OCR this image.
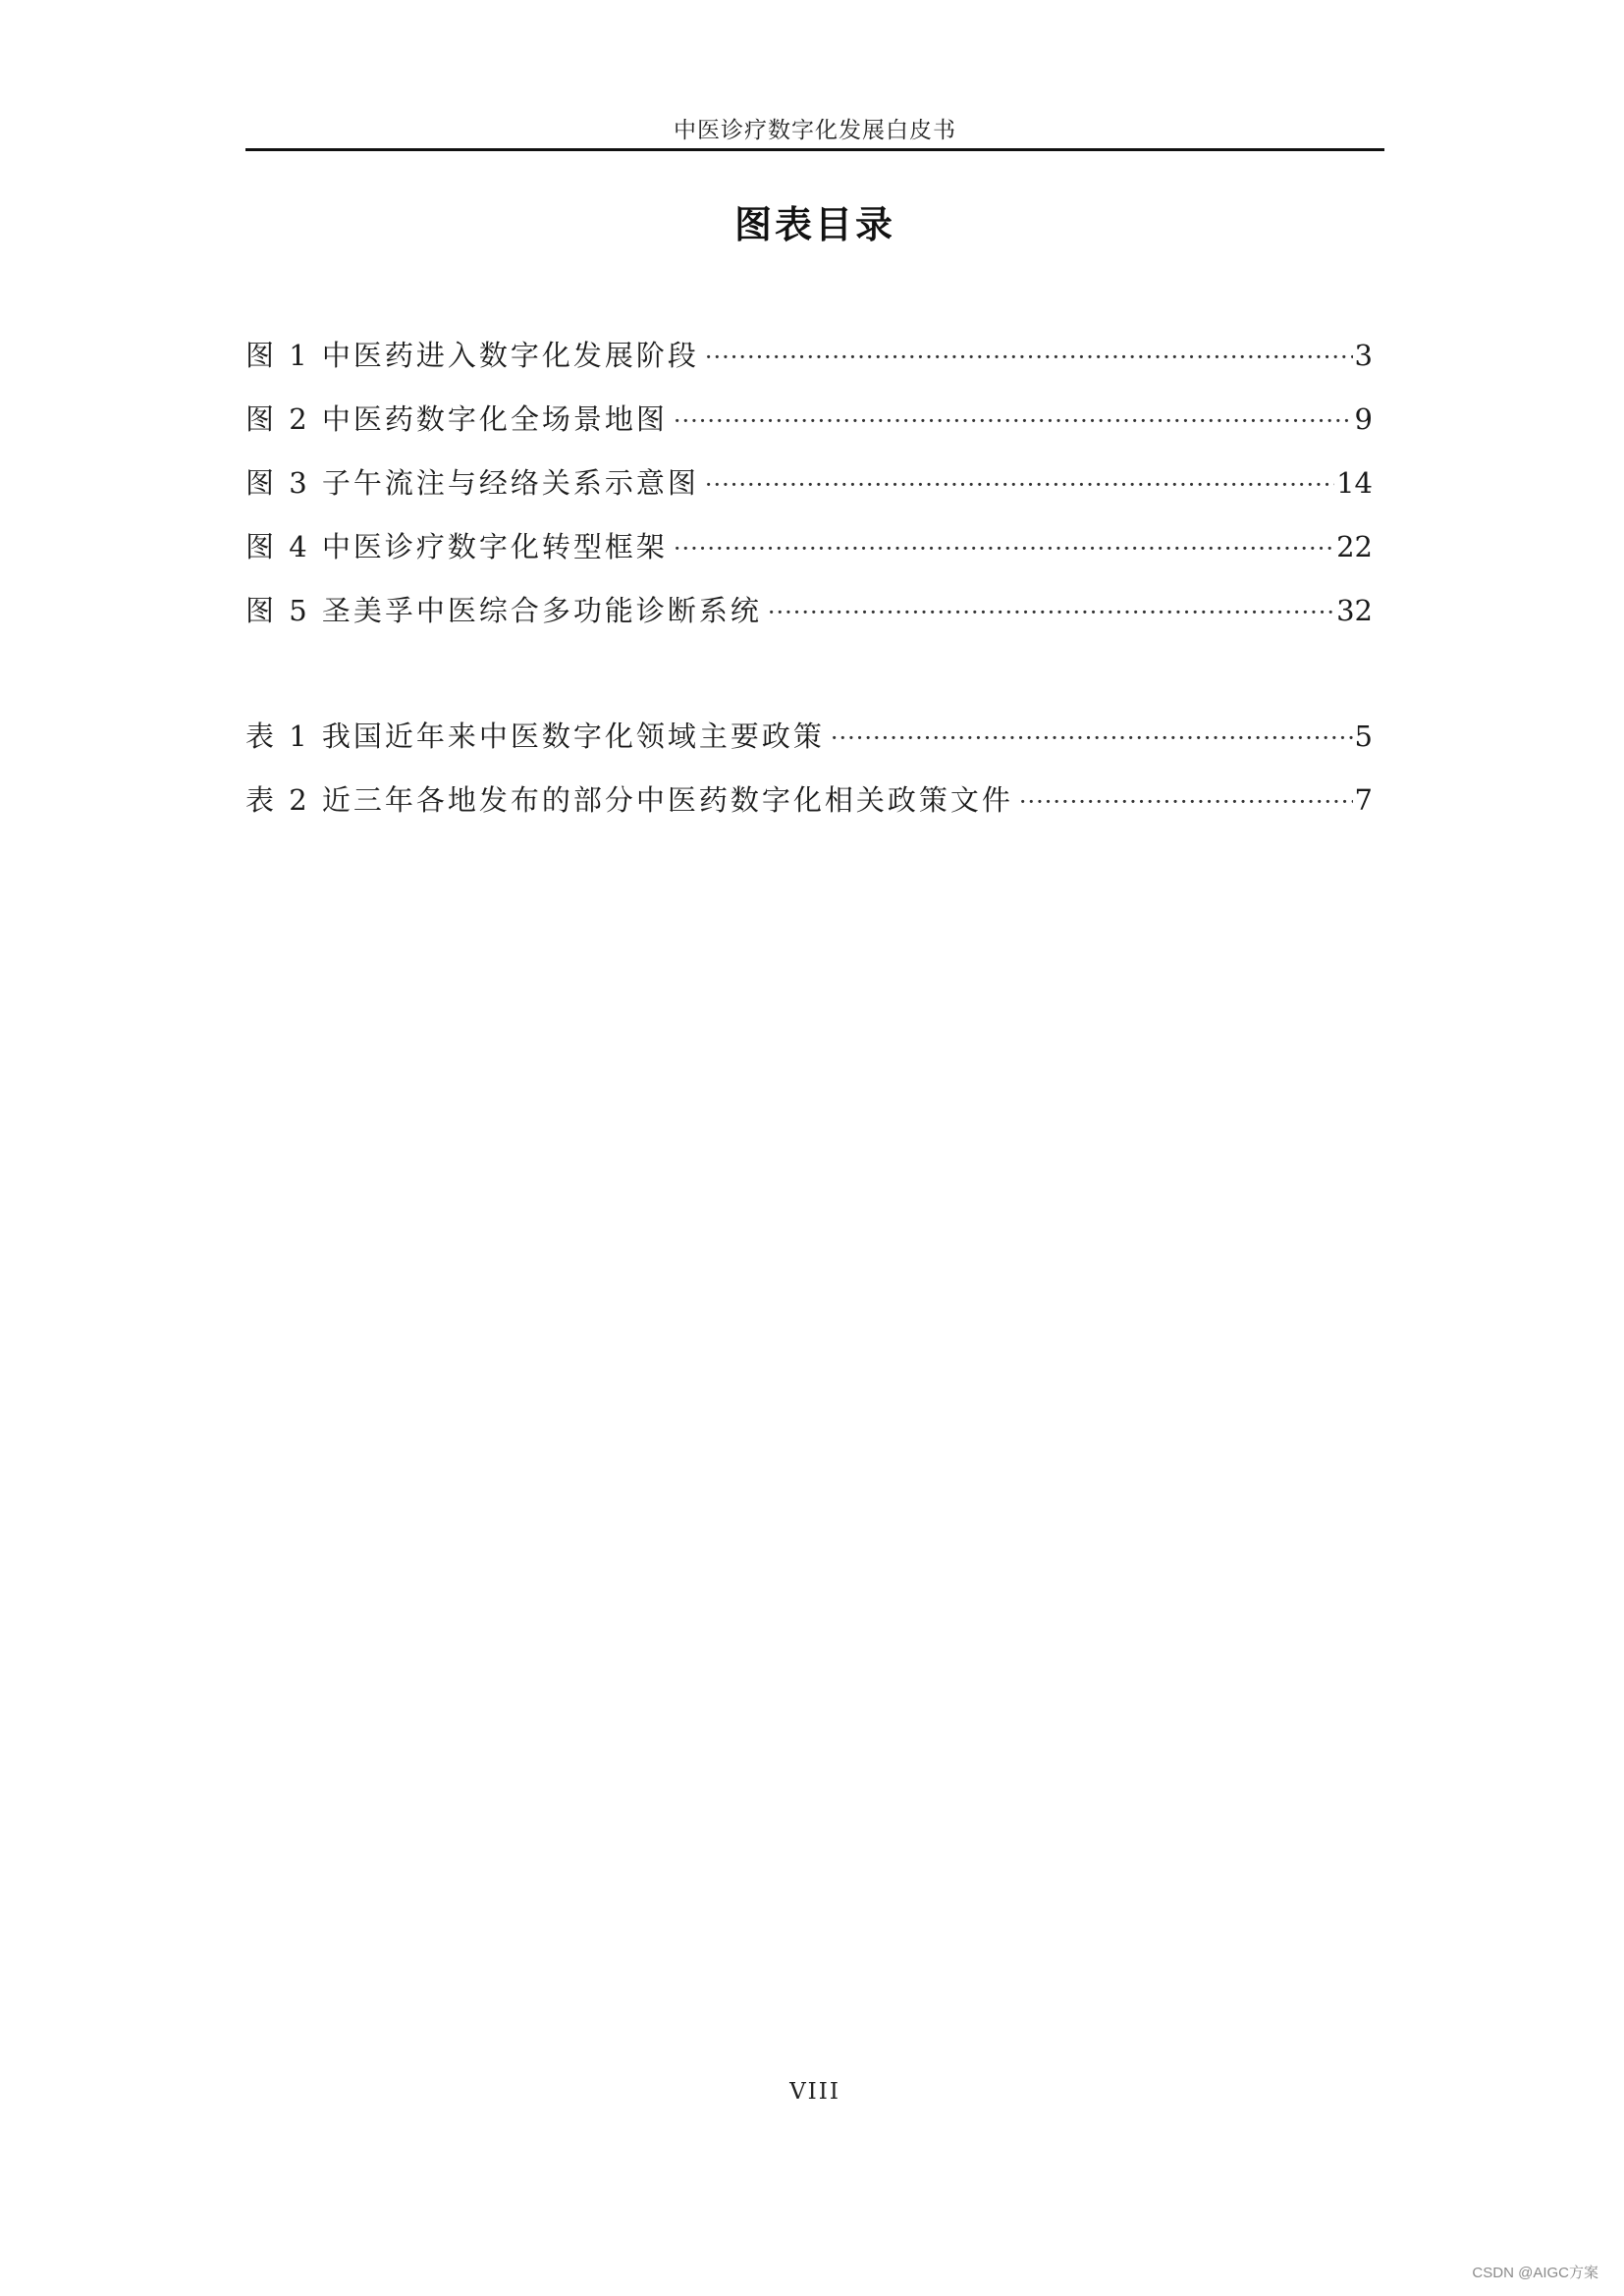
中医诊疗数字化发展白皮书
图表目录
图 1 中医药进入数字化发展阶段 ·····	3
图 2 中医药数字化全场景地图 ·····	9
图 3 子午流注与经络关系示意图 ·····	14
图 4 中医诊疗数字化转型框架 ·····	22
图 5 圣美孚中医综合多功能诊断系统 ·····	32
表 1 我国近年来中医数字化领域主要政策 ·····	5
表 2 近三年各地发布的部分中医药数字化相关政策文件 ·····	7
VIII
CSDN @AIGC方案
